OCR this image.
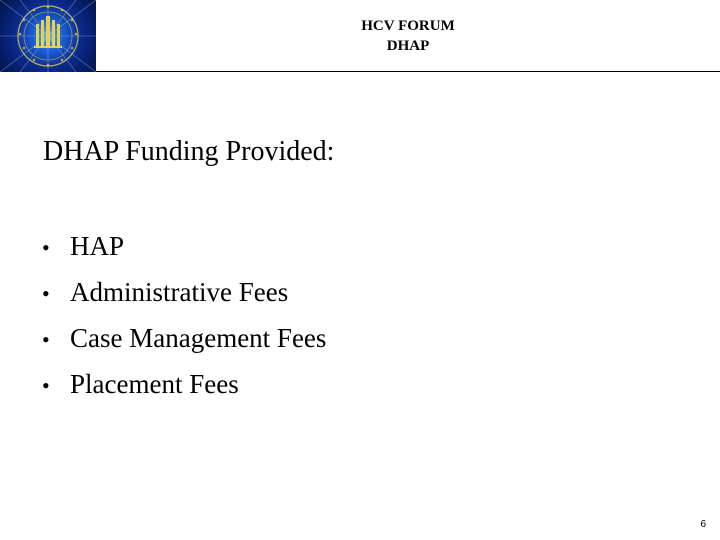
HCV FORUM
DHAP
DHAP Funding Provided:
• HAP
• Administrative Fees
• Case Management Fees
• Placement Fees
6
